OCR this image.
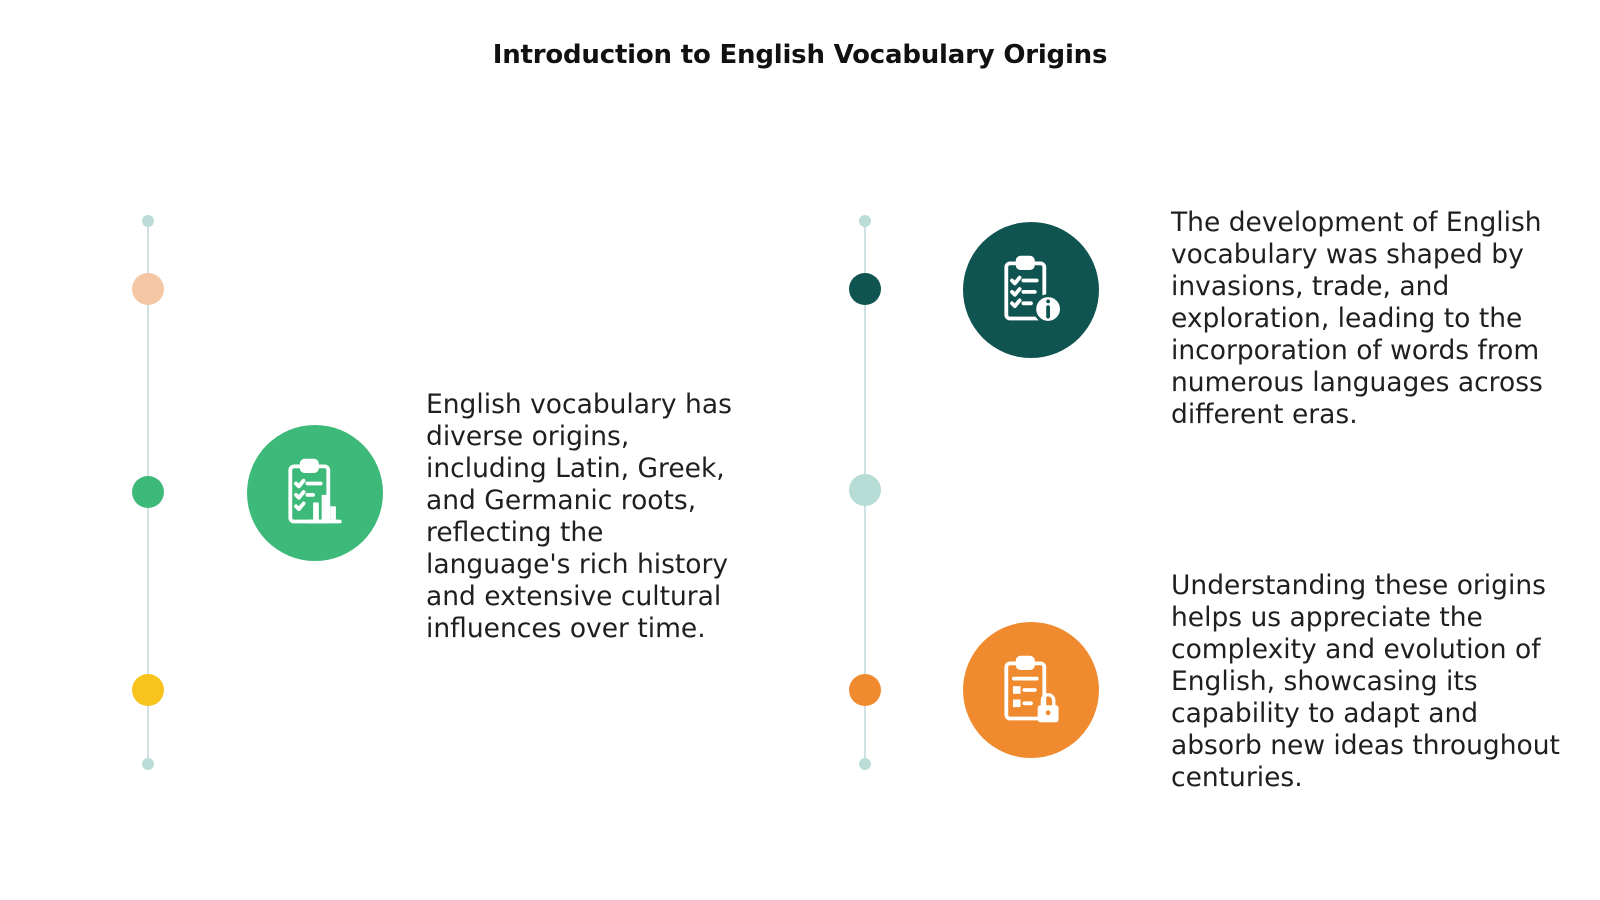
Introduction to English Vocabulary Origins
English vocabulary has diverse origins, including Latin, Greek, and Germanic roots, reflecting the language's rich history and extensive cultural influences over time.
The development of English vocabulary was shaped by invasions, trade, and exploration, leading to the incorporation of words from numerous languages across different eras.
Understanding these origins helps us appreciate the complexity and evolution of English, showcasing its capability to adapt and absorb new ideas throughout centuries.
